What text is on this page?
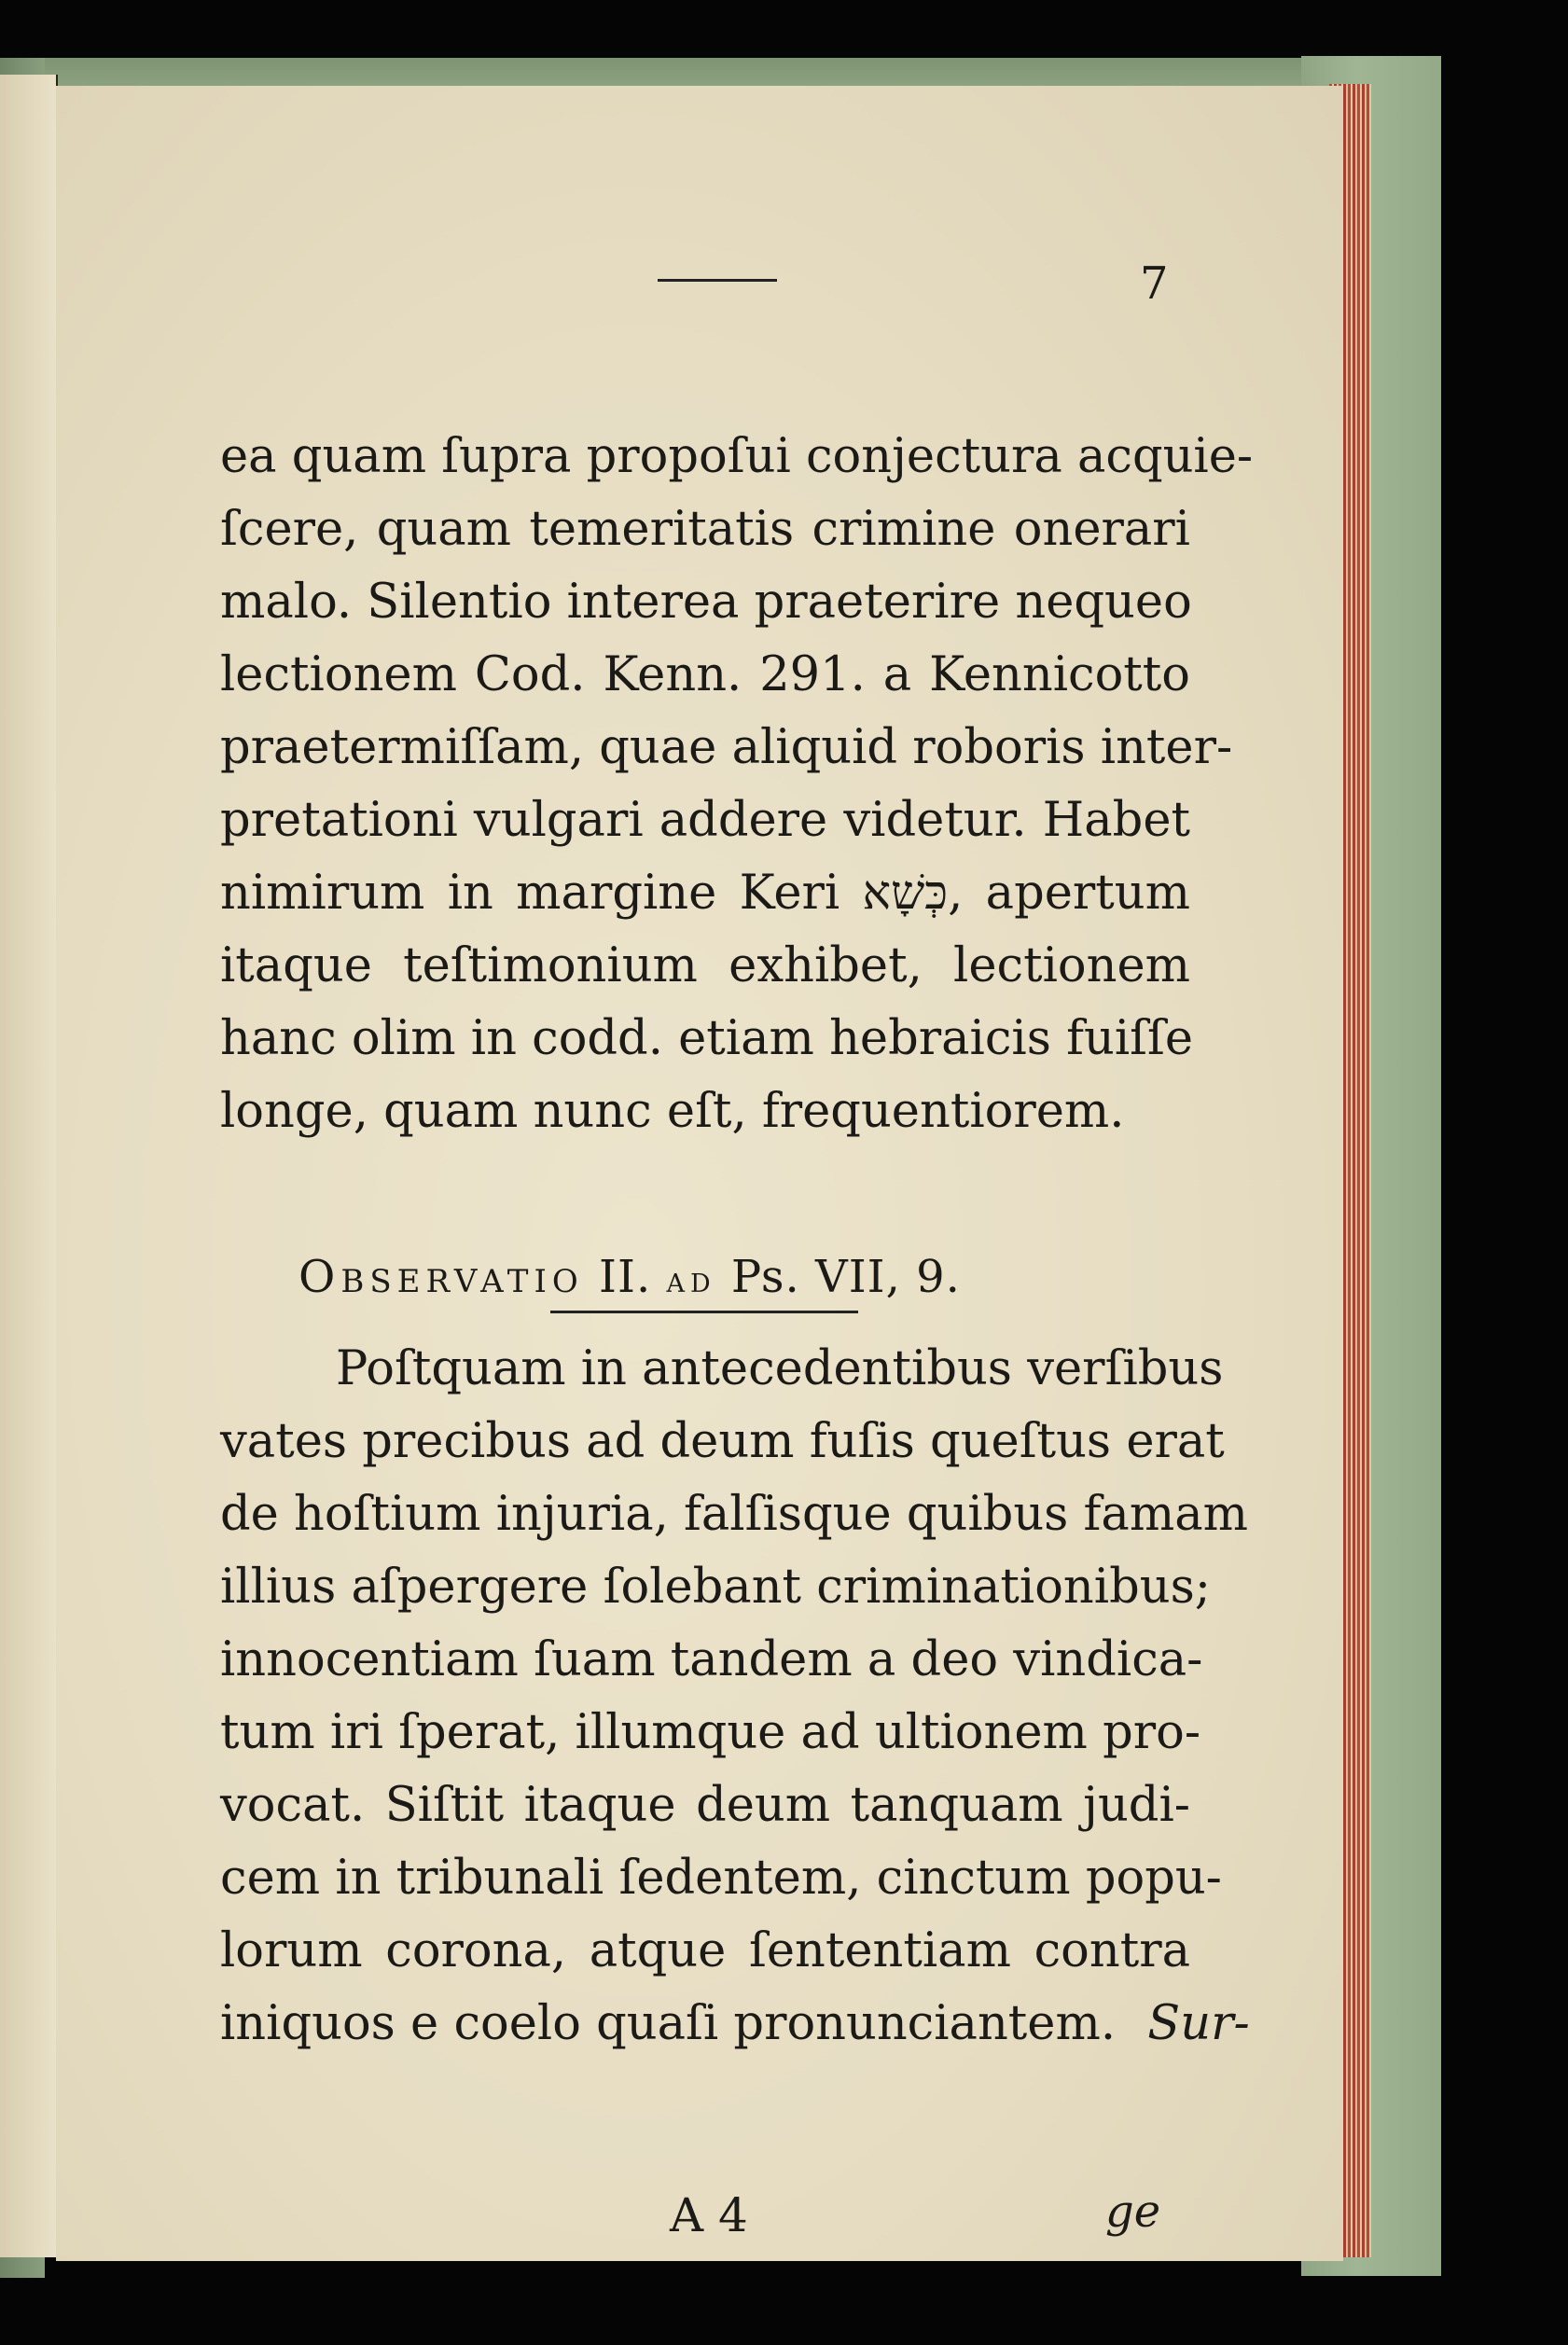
7
ea quam ſupra propoſui conjectura acquie-
ſcere, quam temeritatis crimine onerari
malo. Silentio interea praeterire nequeo
lectionem Cod. Kenn. 291. a Kennicotto
praetermiſſam, quae aliquid roboris inter-
pretationi vulgari addere videtur. Habet
nimirum in margine Keri כְּשָׁא, apertum
itaque teſtimonium exhibet, lectionem
hanc olim in codd. etiam hebraicis fuiſſe
longe, quam nunc eſt, frequentiorem.
Observatio II. ad Ps. VII, 9.
Poſtquam in antecedentibus verſibus
vates precibus ad deum fuſis queſtus erat
de hoſtium injuria, falſisque quibus famam
illius aſpergere ſolebant criminationibus;
innocentiam ſuam tandem a deo vindica-
tum iri ſperat, illumque ad ultionem pro-
vocat. Siſtit itaque deum tanquam judi-
cem in tribunali ſedentem, cinctum popu-
lorum corona, atque ſententiam contra
iniquos e coelo quaſi pronunciantem. Sur-
A 4	ge
